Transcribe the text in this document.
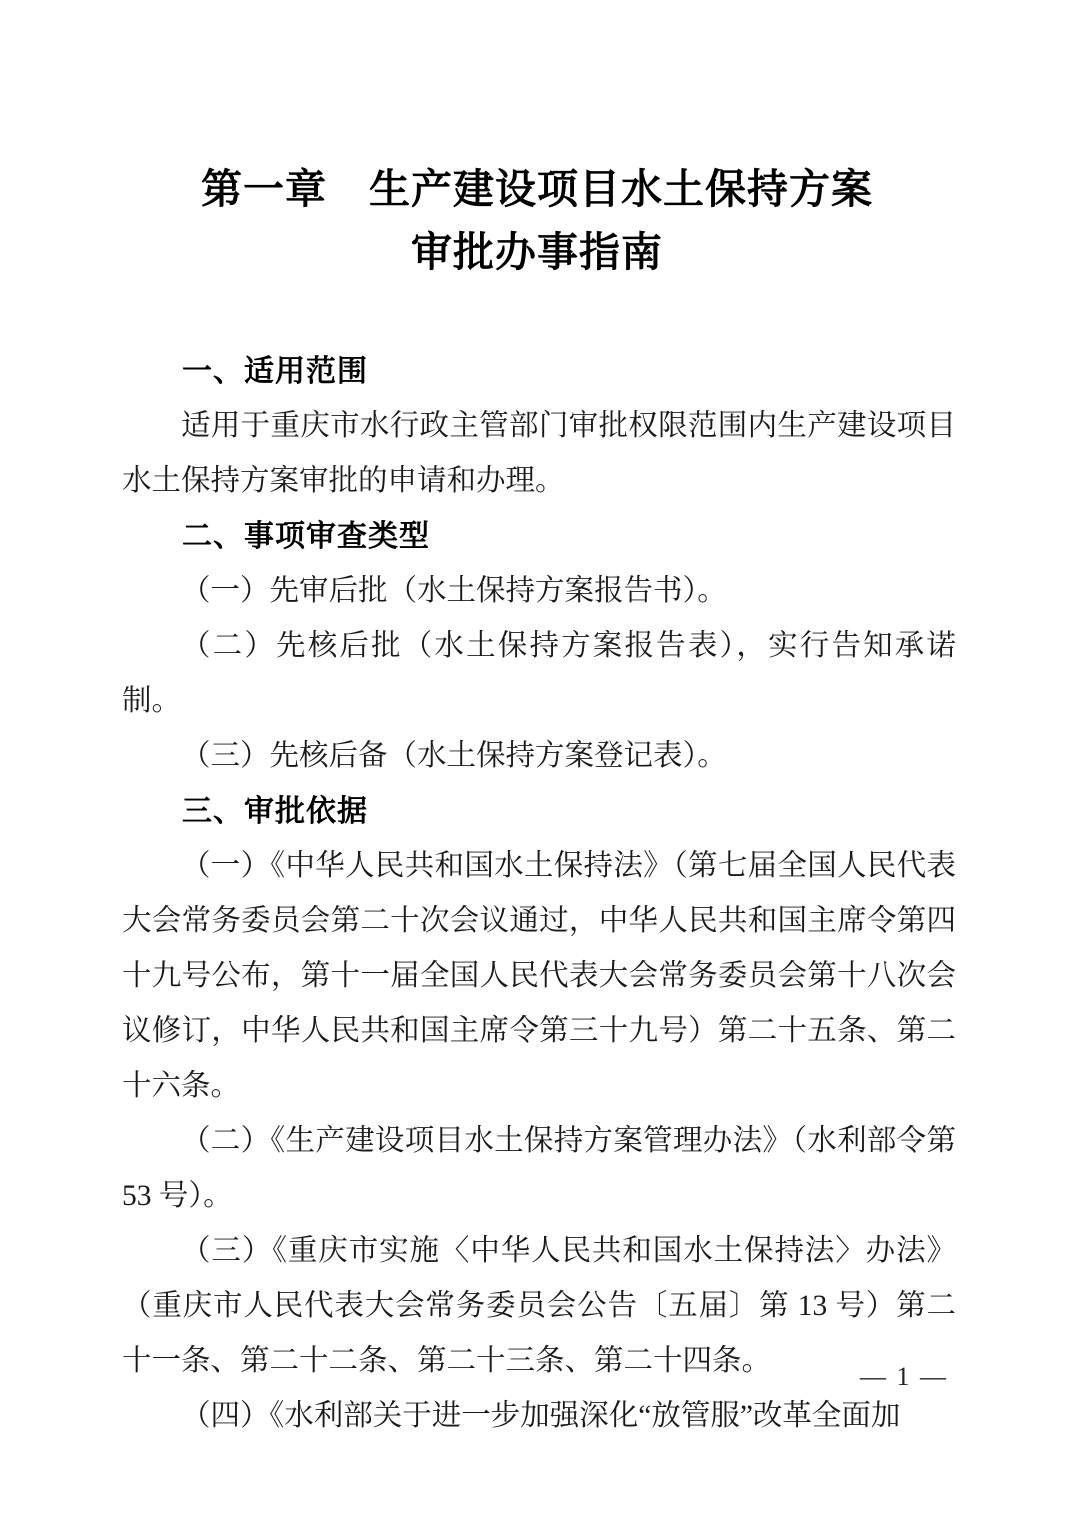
第一章　生产建设项目水土保持方案
审批办事指南
一、适用范围

适用于重庆市水行政主管部门审批权限范围内生产建设项目水土保持方案审批的申请和办理。

二、事项审查类型

（一）先审后批（水土保持方案报告书）。

（二）先核后批（水土保持方案报告表），实行告知承诺制。

（三）先核后备（水土保持方案登记表）。

三、审批依据

（一）《中华人民共和国水土保持法》（第七届全国人民代表大会常务委员会第二十次会议通过，中华人民共和国主席令第四十九号公布，第十一届全国人民代表大会常务委员会第十八次会议修订，中华人民共和国主席令第三十九号）第二十五条、第二十六条。

（二）《生产建设项目水土保持方案管理办法》（水利部令第 53 号）。

（三）《重庆市实施〈中华人民共和国水土保持法〉办法》（重庆市人民代表大会常务委员会公告〔五届〕第 13 号）第二十一条、第二十二条、第二十三条、第二十四条。

（四）《水利部关于进一步加强深化“放管服”改革全面加

— 1 —
